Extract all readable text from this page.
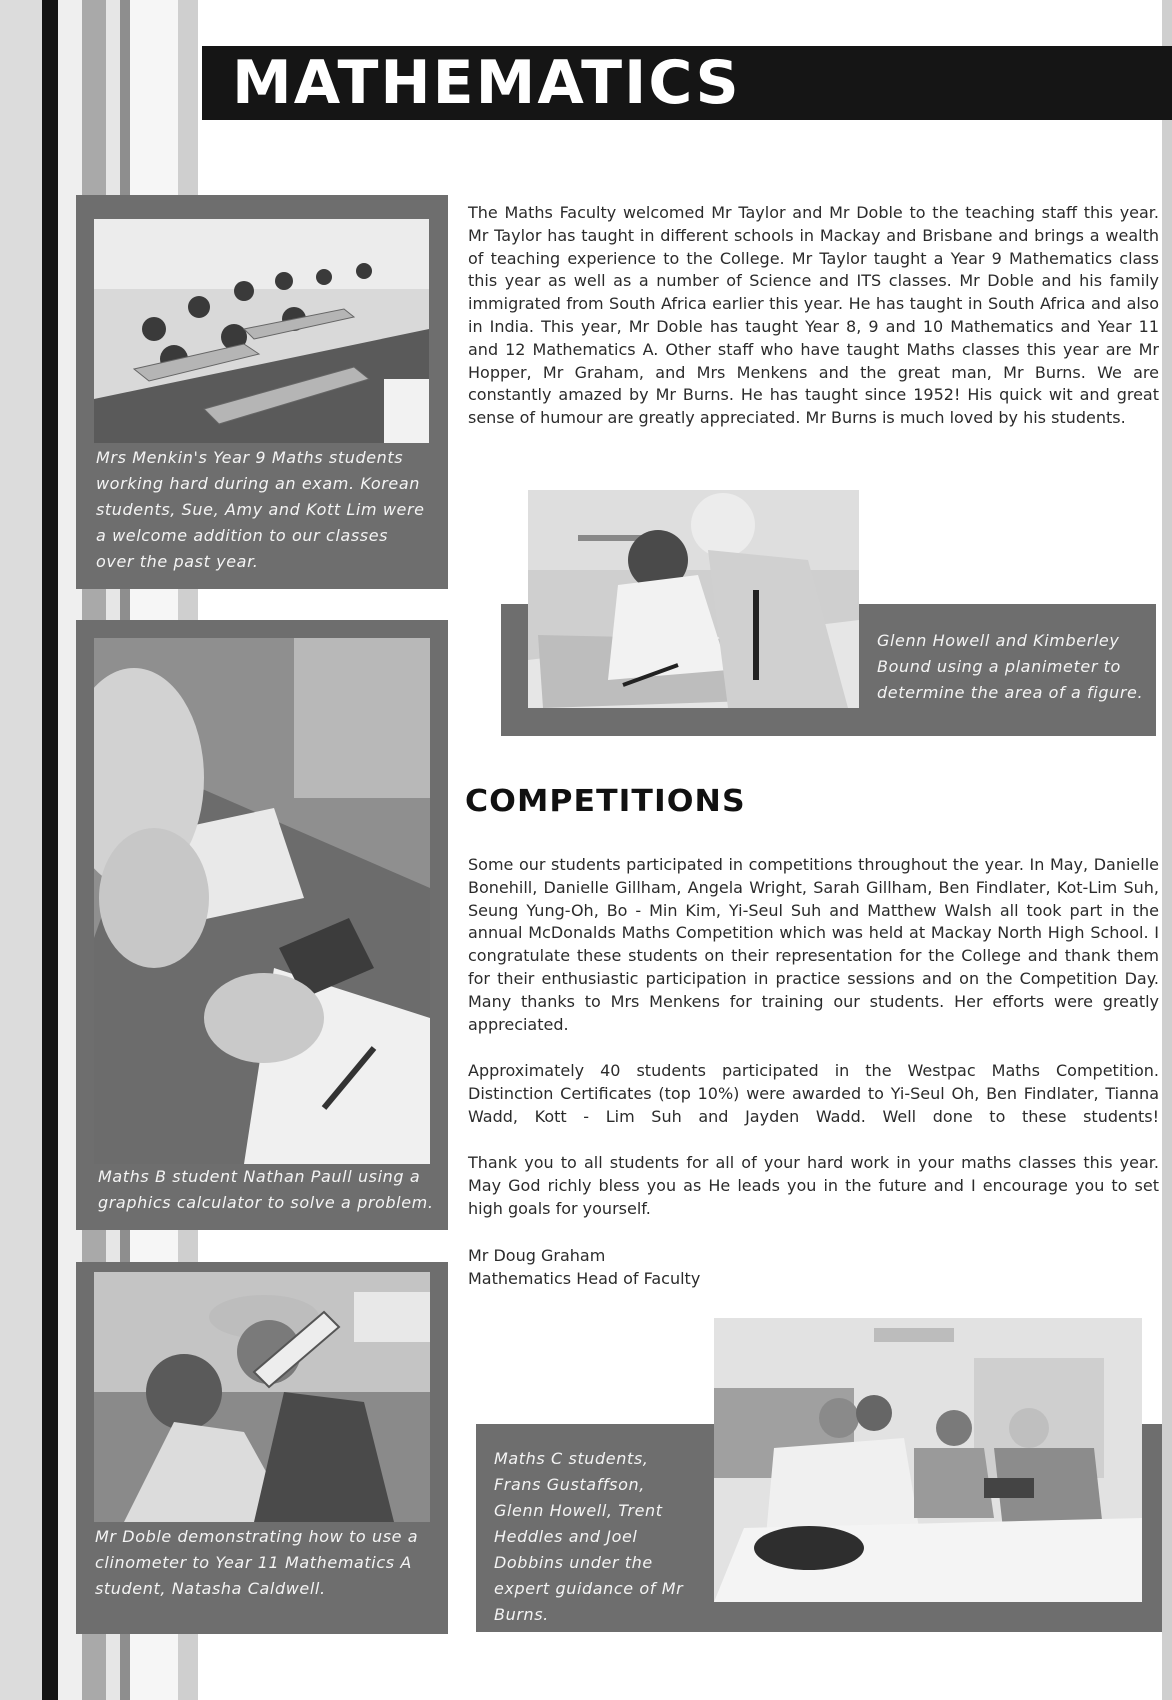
MATHEMATICS
The Maths Faculty welcomed Mr Taylor and Mr Doble to the teaching staff this year. Mr Taylor has taught in different schools in Mackay and Brisbane and brings a wealth of teaching experience to the College. Mr Taylor taught a Year 9 Mathematics class this year as well as a number of Science and ITS classes. Mr Doble and his family immigrated from South Africa earlier this year. He has taught in South Africa and also in India. This year, Mr Doble has taught Year 8, 9 and 10 Mathematics and Year 11 and 12 Mathematics A. Other staff who have taught Maths classes this year are Mr Hopper, Mr Graham, and Mrs Menkens and the great man, Mr Burns. We are constantly amazed by Mr Burns. He has taught since 1952! His quick wit and great sense of humour are greatly appreciated. Mr Burns is much loved by his students.
Mrs Menkin's Year 9 Maths students working hard during an exam. Korean students, Sue, Amy and Kott Lim were a welcome addition to our classes over the past year.
Maths B student Nathan Paull using a graphics calculator to solve a problem.
Mr Doble demonstrating how to use a clinometer to Year 11 Mathematics A student, Natasha Caldwell.
Glenn Howell and Kimberley Bound using a planimeter to determine the area of a figure.
Maths C students, Frans Gustaffson, Glenn Howell, Trent Heddles and Joel Dobbins under the expert guidance of Mr Burns.
COMPETITIONS
Some our students participated in competitions throughout the year. In May, Danielle Bonehill, Danielle Gillham, Angela Wright, Sarah Gillham, Ben Findlater, Kot-Lim Suh, Seung Yung-Oh, Bo - Min Kim, Yi-Seul Suh and Matthew Walsh all took part in the annual McDonalds Maths Competition which was held at Mackay North High School. I congratulate these students on their representation for the College and thank them for their enthusiastic participation in practice sessions and on the Competition Day. Many thanks to Mrs Menkens for training our students. Her efforts were greatly appreciated.
Approximately 40 students participated in the Westpac Maths Competition. Distinction Certificates (top 10%) were awarded to Yi-Seul Oh, Ben Findlater, Tianna Wadd, Kott - Lim Suh and Jayden Wadd. Well done to these students!
Thank you to all students for all of your hard work in your maths classes this year. May God richly bless you as He leads you in the future and I encourage you to set high goals for yourself.
Mr Doug Graham
Mathematics Head of Faculty
